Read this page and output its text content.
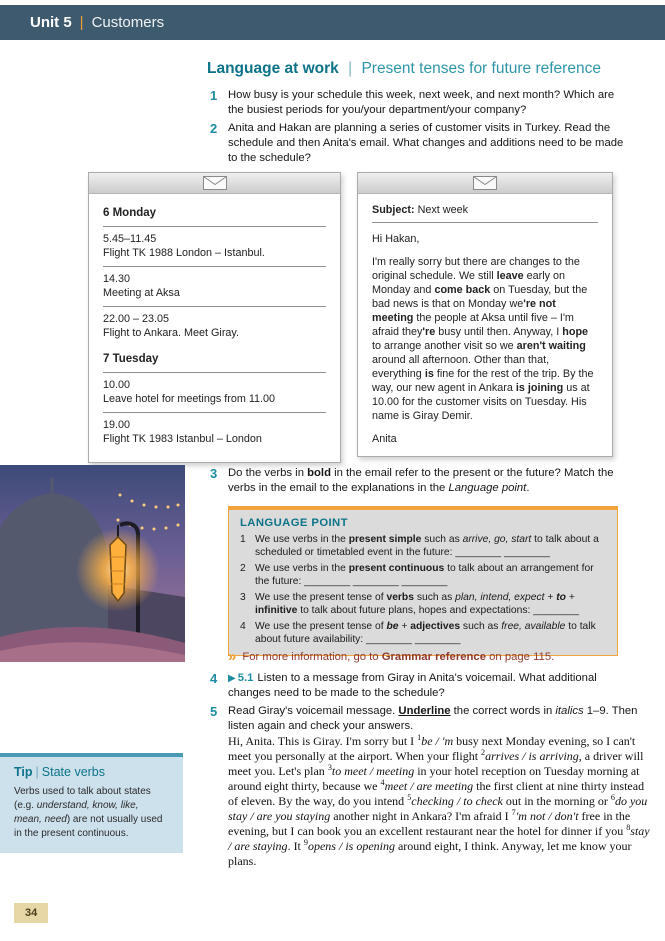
Unit 5 | Customers
Language at work | Present tenses for future reference
1 How busy is your schedule this week, next week, and next month? Which are the busiest periods for you/your department/your company?
2 Anita and Hakan are planning a series of customer visits in Turkey. Read the schedule and then Anita's email. What changes and additions need to be made to the schedule?
6 Monday
5.45–11.45
Flight TK 1988 London – Istanbul.
14.30
Meeting at Aksa
22.00 – 23.05
Flight to Ankara. Meet Giray.
7 Tuesday
10.00
Leave hotel for meetings from 11.00
19.00
Flight TK 1983 Istanbul – London
Subject: Next week

Hi Hakan,

I'm really sorry but there are changes to the original schedule. We still leave early on Monday and come back on Tuesday, but the bad news is that on Monday we're not meeting the people at Aksa until five – I'm afraid they're busy until then. Anyway, I hope to arrange another visit so we aren't waiting around all afternoon. Other than that, everything is fine for the rest of the trip. By the way, our new agent in Ankara is joining us at 10.00 for the customer visits on Tuesday. His name is Giray Demir.

Anita

3 Do the verbs in bold in the email refer to the present or the future? Match the verbs in the email to the explanations in the Language point.
LANGUAGE POINT
1 We use verbs in the present simple such as arrive, go, start to talk about a scheduled or timetabled event in the future: ________ ________
2 We use verbs in the present continuous to talk about an arrangement for the future: ________ ________ ________
3 We use the present tense of verbs such as plan, intend, expect + to + infinitive to talk about future plans, hopes and expectations: ________
4 We use the present tense of be + adjectives such as free, available to talk about future availability: ________ ________
» For more information, go to Grammar reference on page 115.
4	▶ 5.1 Listen to a message from Giray in Anita's voicemail. What additional changes need to be made to the schedule?
5 Read Giray's voicemail message. Underline the correct words in italics 1–9. Then listen again and check your answers.
Hi, Anita. This is Giray. I'm sorry but I $^1$be / 'm busy next Monday evening, so I can't meet you personally at the airport. When your flight $^2$arrives / is arriving, a driver will meet you. Let's plan $^3$to meet / meeting in your hotel reception on Tuesday morning at around eight thirty, because we $^4$meet / are meeting the first client at nine thirty instead of eleven. By the way, do you intend $^5$checking / to check out in the morning or $^6$do you stay / are you staying another night in Ankara? I'm afraid I $^7$'m not / don't free in the evening, but I can book you an excellent restaurant near the hotel for dinner if you $^8$stay / are staying. It $^9$opens / is opening around eight, I think. Anyway, let me know your plans.
Tip | State verbs
Verbs used to talk about states (e.g. understand, know, like, mean, need) are not usually used in the present continuous.
34
